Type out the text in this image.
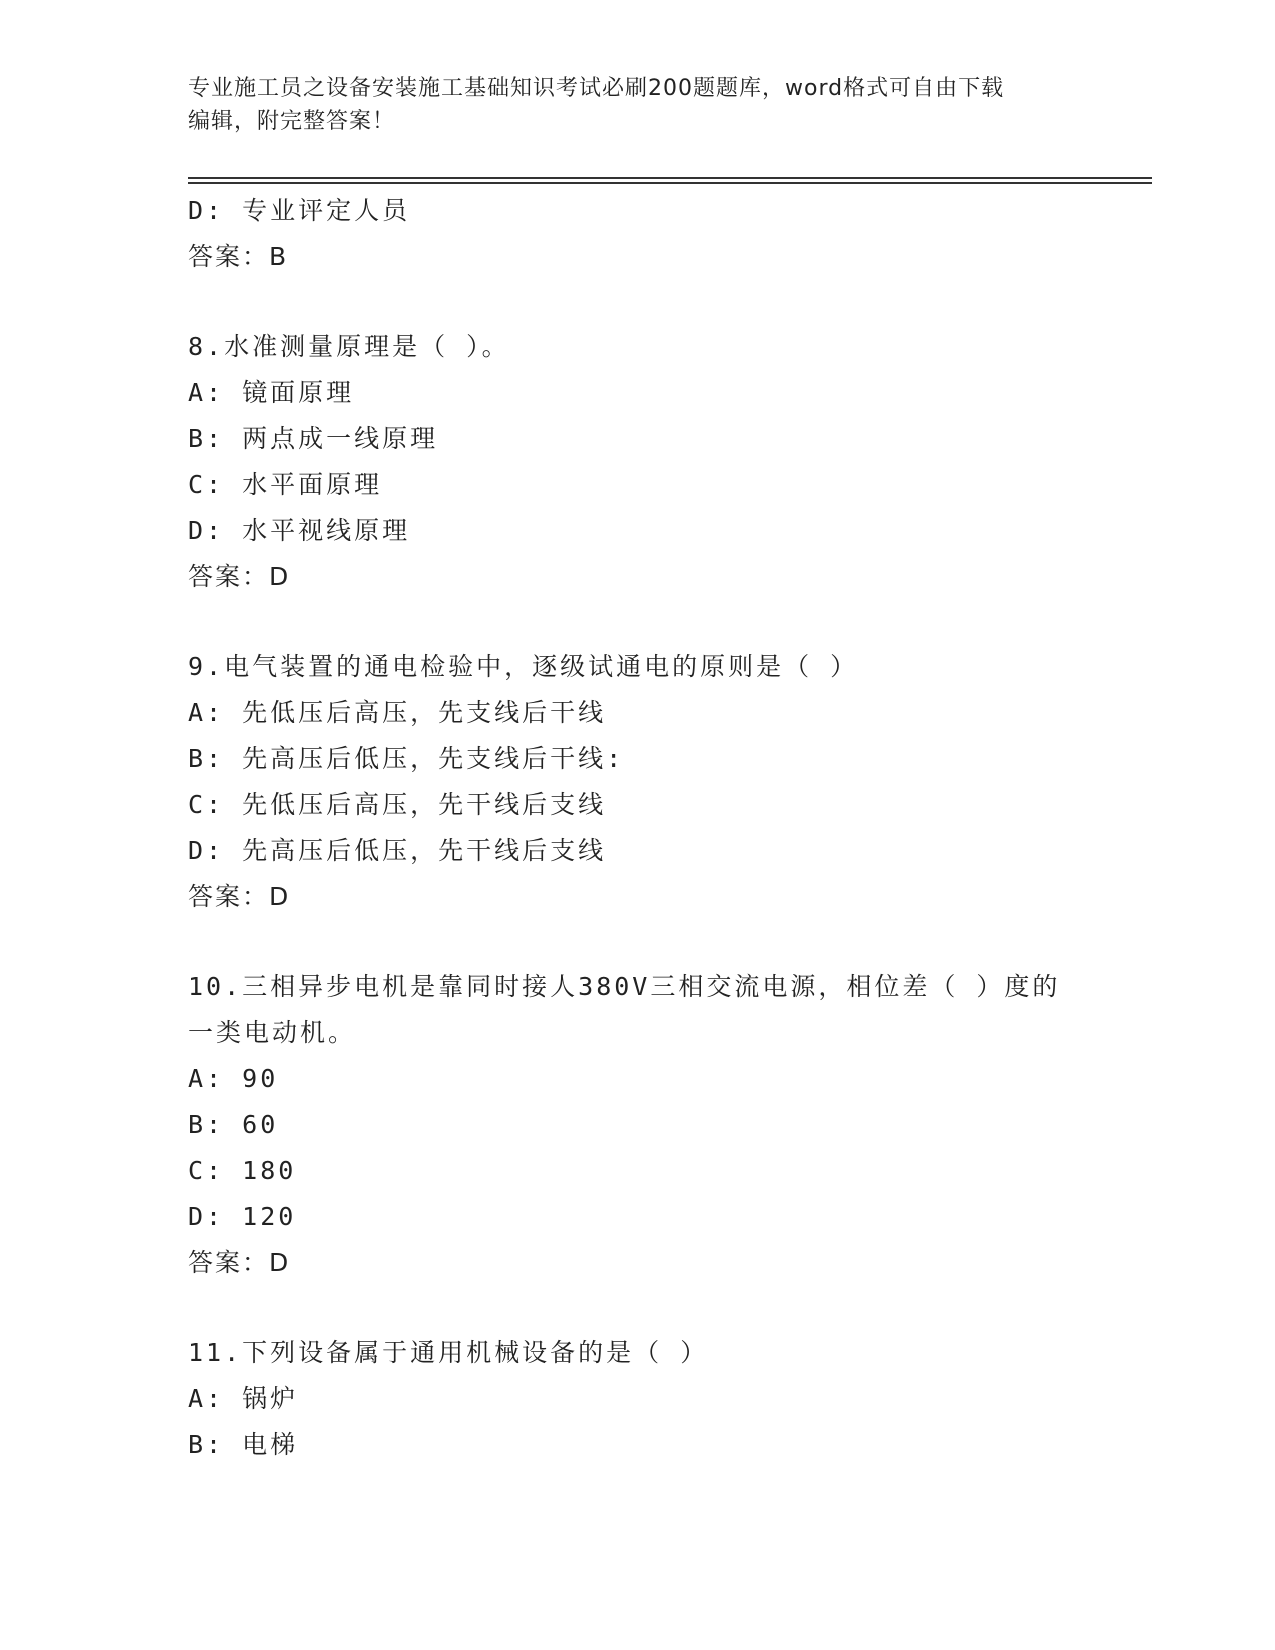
专业施工员之设备安装施工基础知识考试必刷200题题库，word格式可自由下载
编辑，附完整答案！
D: 专业评定人员
答案：B
8.水准测量原理是（ ）。
A: 镜面原理
B: 两点成一线原理
C: 水平面原理
D: 水平视线原理
答案：D
9.电气装置的通电检验中，逐级试通电的原则是（ ）
A: 先低压后高压，先支线后干线
B: 先高压后低压，先支线后干线:
C: 先低压后高压，先干线后支线
D: 先高压后低压，先干线后支线
答案：D
10.三相异步电机是靠同时接人380V三相交流电源，相位差（ ）度的
一类电动机。
A: 90
B: 60
C: 180
D: 120
答案：D
11.下列设备属于通用机械设备的是（ ）
A: 锅炉
B: 电梯
